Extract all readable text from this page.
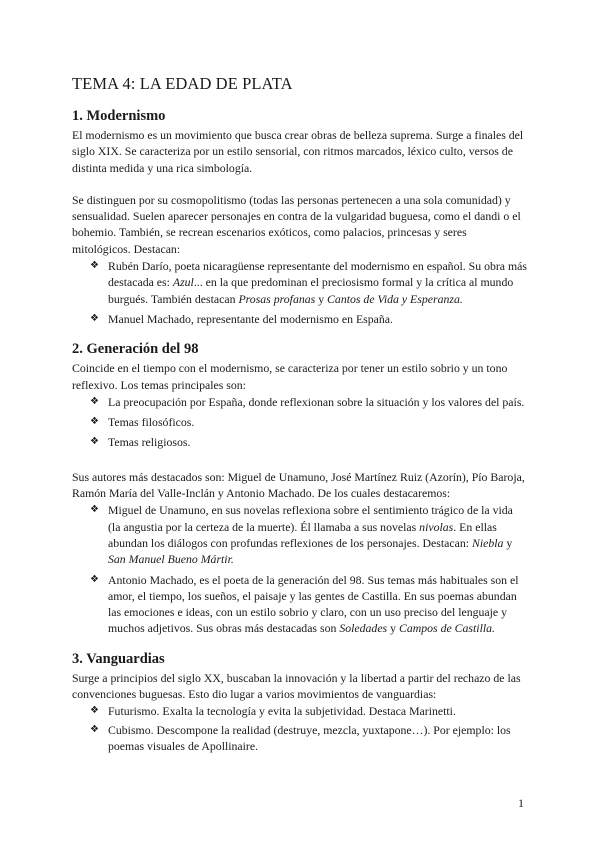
TEMA 4: LA EDAD DE PLATA
1. Modernismo

El modernismo es un movimiento que busca crear obras de belleza suprema. Surge a finales del siglo XIX. Se caracteriza por un estilo sensorial, con ritmos marcados, léxico culto, versos de distinta medida y una rica simbología.

Se distinguen por su cosmopolitismo (todas las personas pertenecen a una sola comunidad) y sensualidad. Suelen aparecer personajes en contra de la vulgaridad buguesa, como el dandi o el bohemio. También, se recrean escenarios exóticos, como palacios, princesas y seres mitológicos. Destacan:

❖ Rubén Darío, poeta nicaragüense representante del modernismo en español. Su obra más destacada es: Azul... en la que predominan el preciosismo formal y la crítica al mundo burgués. También destacan Prosas profanas y Cantos de Vida y Esperanza.
❖ Manuel Machado, representante del modernismo en España.
2. Generación del 98

Coincide en el tiempo con el modernismo, se caracteriza por tener un estilo sobrio y un tono reflexivo. Los temas principales son:

❖ La preocupación por España, donde reflexionan sobre la situación y los valores del país.
❖ Temas filosóficos.
❖ Temas religiosos.

Sus autores más destacados son: Miguel de Unamuno, José Martínez Ruiz (Azorín), Pío Baroja, Ramón María del Valle-Inclán y Antonio Machado. De los cuales destacaremos:

❖ Miguel de Unamuno, en sus novelas reflexiona sobre el sentimiento trágico de la vida (la angustia por la certeza de la muerte). Él llamaba a sus novelas nivolas. En ellas abundan los diálogos con profundas reflexiones de los personajes. Destacan: Niebla y San Manuel Bueno Mártir.
❖ Antonio Machado, es el poeta de la generación del 98. Sus temas más habituales son el amor, el tiempo, los sueños, el paisaje y las gentes de Castilla. En sus poemas abundan las emociones e ideas, con un estilo sobrio y claro, con un uso preciso del lenguaje y muchos adjetivos. Sus obras más destacadas son Soledades y Campos de Castilla.
3. Vanguardias

Surge a principios del siglo XX, buscaban la innovación y la libertad a partir del rechazo de las convenciones buguesas. Esto dio lugar a varios movimientos de vanguardias:

❖ Futurismo. Exalta la tecnología y evita la subjetividad. Destaca Marinetti.
❖ Cubismo. Descompone la realidad (destruye, mezcla, yuxtapone…). Por ejemplo: los poemas visuales de Apollinaire.
1
